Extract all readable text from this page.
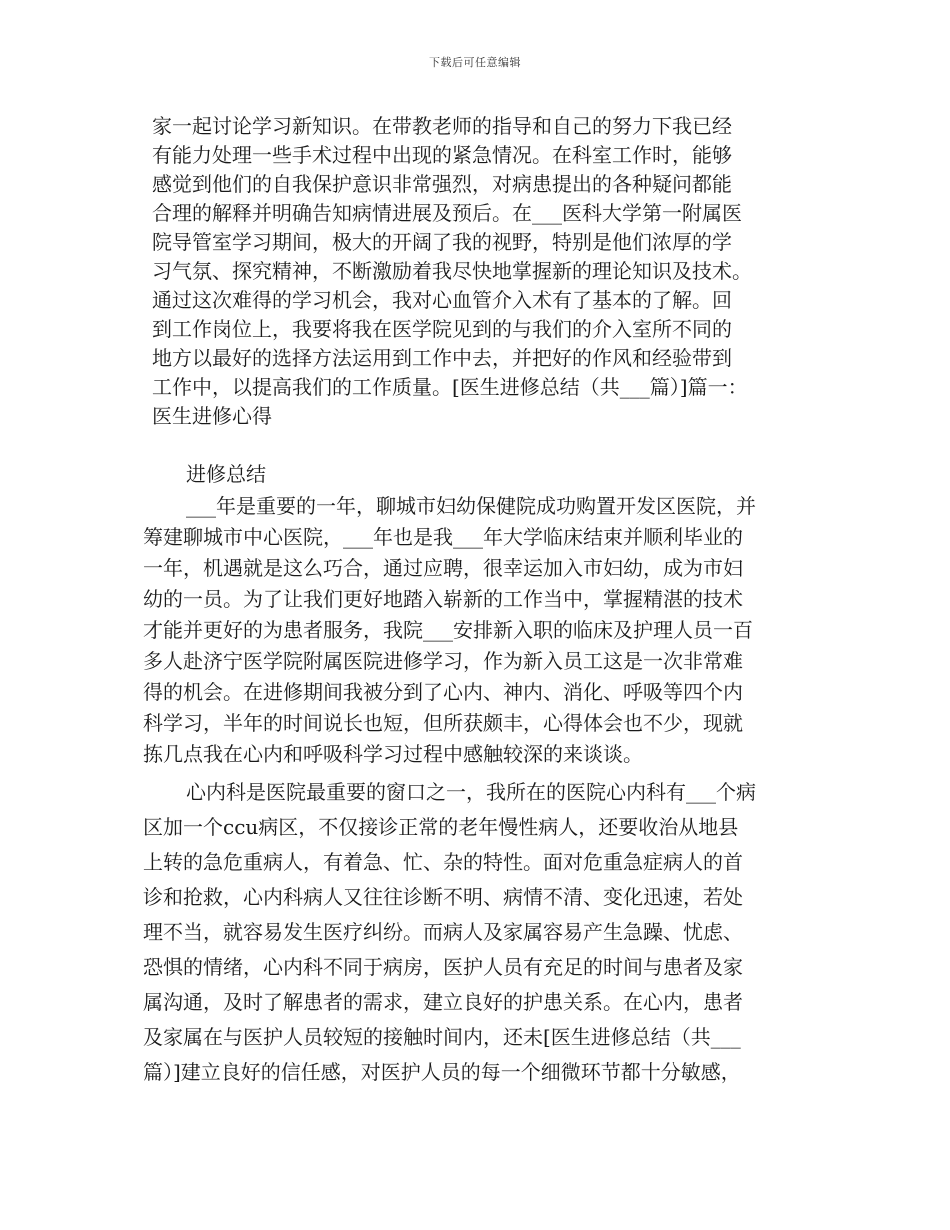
下载后可任意编辑
家一起讨论学习新知识。在带教老师的指导和自己的努力下我已经
有能力处理一些手术过程中出现的紧急情况。在科室工作时，能够
感觉到他们的自我保护意识非常强烈，对病患提出的各种疑问都能
合理的解释并明确告知病情进展及预后。在___医科大学第一附属医
院导管室学习期间，极大的开阔了我的视野，特别是他们浓厚的学
习气氛、探究精神，不断激励着我尽快地掌握新的理论知识及技术。
通过这次难得的学习机会，我对心血管介入术有了基本的了解。回
到工作岗位上，我要将我在医学院见到的与我们的介入室所不同的
地方以最好的选择方法运用到工作中去，并把好的作风和经验带到
工作中，以提高我们的工作质量。[医生进修总结（共___篇）]篇一：
医生进修心得
进修总结
___年是重要的一年，聊城市妇幼保健院成功购置开发区医院，并
筹建聊城市中心医院，___年也是我___年大学临床结束并顺利毕业的
一年，机遇就是这么巧合，通过应聘，很幸运加入市妇幼，成为市妇
幼的一员。为了让我们更好地踏入崭新的工作当中，掌握精湛的技术
才能并更好的为患者服务，我院___安排新入职的临床及护理人员一百
多人赴济宁医学院附属医院进修学习，作为新入员工这是一次非常难
得的机会。在进修期间我被分到了心内、神内、消化、呼吸等四个内
科学习，半年的时间说长也短，但所获颇丰，心得体会也不少，现就
拣几点我在心内和呼吸科学习过程中感触较深的来谈谈。
心内科是医院最重要的窗口之一，我所在的医院心内科有___个病
区加一个ccu病区，不仅接诊正常的老年慢性病人，还要收治从地县
上转的急危重病人，有着急、忙、杂的特性。面对危重急症病人的首
诊和抢救，心内科病人又往往诊断不明、病情不清、变化迅速，若处
理不当，就容易发生医疗纠纷。而病人及家属容易产生急躁、忧虑、
恐惧的情绪，心内科不同于病房，医护人员有充足的时间与患者及家
属沟通，及时了解患者的需求，建立良好的护患关系。在心内，患者
及家属在与医护人员较短的接触时间内，还未[医生进修总结（共___
篇）]建立良好的信任感，对医护人员的每一个细微环节都十分敏感，
